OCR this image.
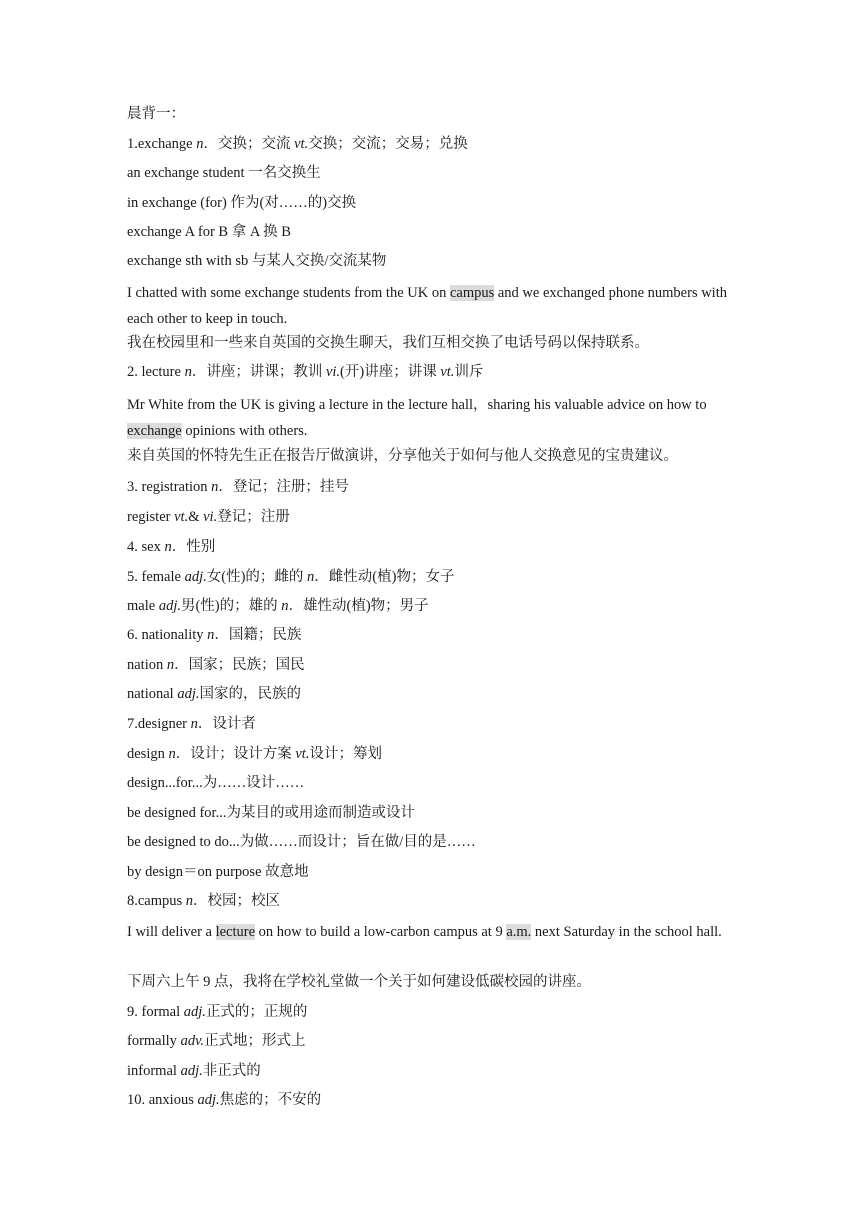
晨背一：
1.exchange n．交换；交流 vt.交换；交流；交易；兑换
an exchange student 一名交换生
in exchange (for) 作为(对……的)交换
exchange A for B 拿 A 换 B
exchange sth with sb 与某人交换/交流某物
I chatted with some exchange students from the UK on campus and we exchanged phone numbers with each other to keep in touch.
我在校园里和一些来自英国的交换生聊天，我们互相交换了电话号码以保持联系。
2. lecture n．讲座；讲课；教训 vi.(开)讲座；讲课 vt.训斥
Mr White from the UK is giving a lecture in the lecture hall，sharing his valuable advice on how to exchange opinions with others.
来自英国的怀特先生正在报告厅做演讲，分享他关于如何与他人交换意见的宝贵建议。
3. registration n．登记；注册；挂号
register vt.& vi.登记；注册
4. sex n．性别
5. female adj.女(性)的；雌的 n．雌性动(植)物；女子
male adj.男(性)的；雄的 n．雄性动(植)物；男子
6. nationality n．国籍；民族
nation n．国家；民族；国民
national adj.国家的，民族的
7.designer n．设计者
design n．设计；设计方案 vt.设计；筹划
design...for...为……设计……
be designed for...为某目的或用途而制造或设计
be designed to do...为做……而设计；旨在做/目的是……
by design＝on purpose 故意地
8.campus n．校园；校区
I will deliver a lecture on how to build a low-carbon campus at 9 a.m. next Saturday in the school hall.
下周六上午 9 点，我将在学校礼堂做一个关于如何建设低碳校园的讲座。
9. formal adj.正式的；正规的
formally adv.正式地；形式上
informal adj.非正式的
10. anxious adj.焦虑的；不安的
